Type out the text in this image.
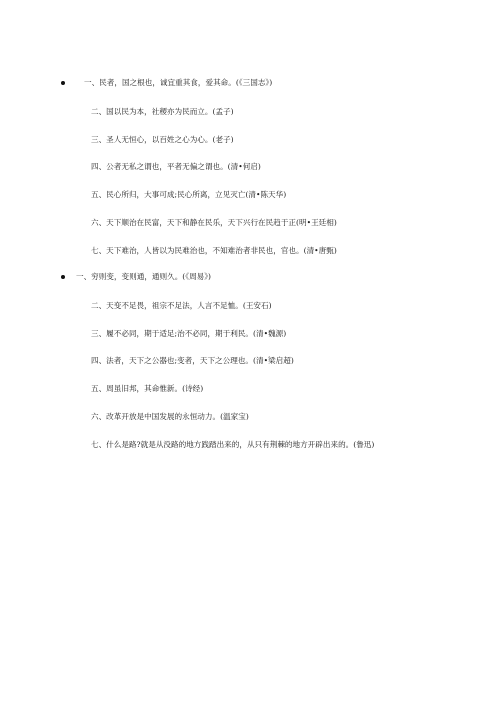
一、民者，国之根也，诚宜重其食，爱其命。(《三国志》)
二、国以民为本，社稷亦为民而立。(孟子)
三、圣人无恒心，以百姓之心为心。(老子)
四、公者无私之谓也，平者无偏之谓也。(清•何启)
五、民心所归，大事可成;民心所离，立见灭亡(清•陈天华)
六、天下顺治在民富，天下和静在民乐，天下兴行在民趋于正(明•王廷相)
七、天下难治，人皆以为民难治也，不知难治者非民也，官也。(清•唐甄)
一、穷则变，变则通，通则久。(《周易》)
二、天变不足畏，祖宗不足法，人言不足恤。(王安石)
三、履不必同，期于适足;治不必同，期于利民。(清•魏源)
四、法者，天下之公器也;变者，天下之公理也。(清•梁启超)
五、周虽旧邦，其命惟新。(诗经)
六、改革开放是中国发展的永恒动力。(温家宝)
七、什么是路?就是从没路的地方践踏出来的，从只有荆棘的地方开辟出来的。(鲁迅)
